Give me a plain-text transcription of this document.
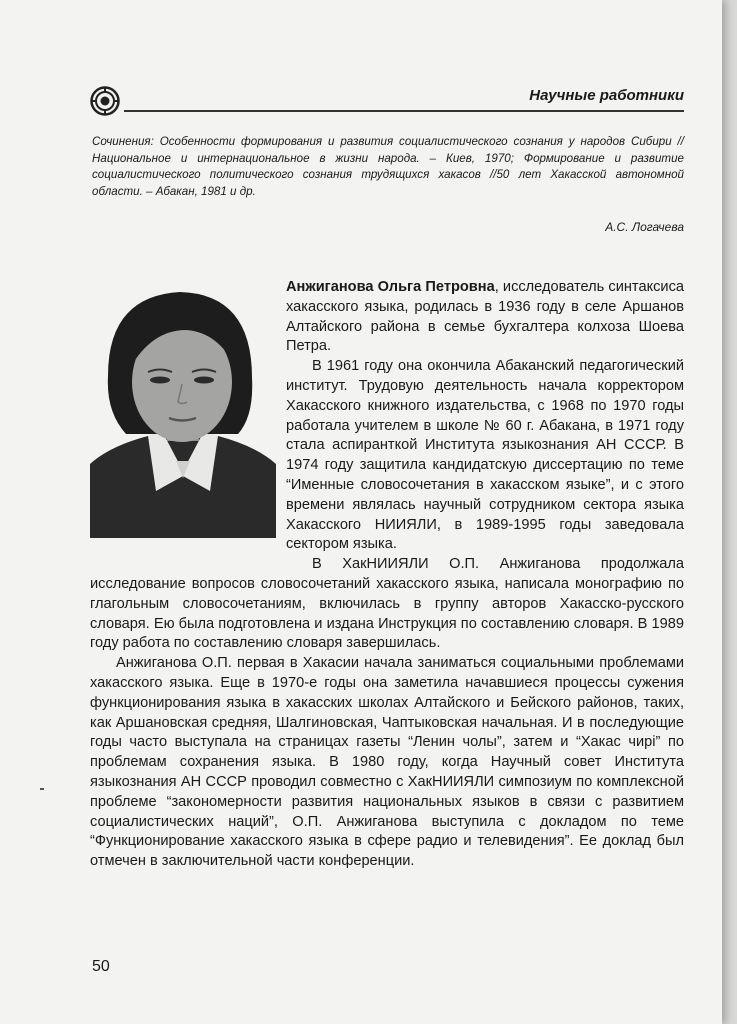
Научные работники
Сочинения: Особенности формирования и развития социалистического сознания у народов Сибири // Национальное и интернациональное в жизни народа. – Киев, 1970; Формирование и развитие социалистического политического сознания трудящихся хакасов //50 лет Хакасской автономной области. – Абакан, 1981 и др.
А.С. Логачева

Анжиганова Ольга Петровна, исследователь синтаксиса хакасского языка, родилась в 1936 году в селе Аршанов Алтайского района в семье бухгалтера колхоза Шоева Петра.

В 1961 году она окончила Абаканский педагогический институт. Трудовую деятельность начала корректором Хакасского книжного издательства, с 1968 по 1970 годы работала учителем в школе № 60 г. Абакана, в 1971 году стала аспиранткой Института языкознания АН СССР. В 1974 году защитила кандидатскую диссертацию по теме “Именные словосочетания в хакасском языке”, и с этого времени являлась научный сотрудником сектора языка Хакасского НИИЯЛИ, в 1989-1995 годы заведовала сектором языка.

В ХакНИИЯЛИ О.П. Анжиганова продолжала исследование вопросов словосочетаний хакасского языка, написала монографию по глагольным словосочетаниям, включилась в группу авторов Хакасско-русского словаря. Ею была подготовлена и издана Инструкция по составлению словаря. В 1989 году работа по составлению словаря завершилась.

Анжиганова О.П. первая в Хакасии начала заниматься социальными проблемами хакасского языка. Еще в 1970-е годы она заметила начавшиеся процессы сужения функционирования языка в хакасских школах Алтайского и Бейского районов, таких, как Аршановская средняя, Шалгиновская, Чаптыковская начальная. И в последующие годы часто выступала на страницах газеты “Ленин чолы”, затем и “Хакас чирі” по проблемам сохранения языка. В 1980 году, когда Научный совет Института языкознания АН СССР проводил совместно с ХакНИИЯЛИ симпозиум по комплексной проблеме “закономерности развития национальных языков в связи с развитием социалистических наций”, О.П. Анжиганова выступила с докладом по теме “Функционирование хакасского языка в сфере радио и телевидения”. Ее доклад был отмечен в заключительной части конференции.

50
